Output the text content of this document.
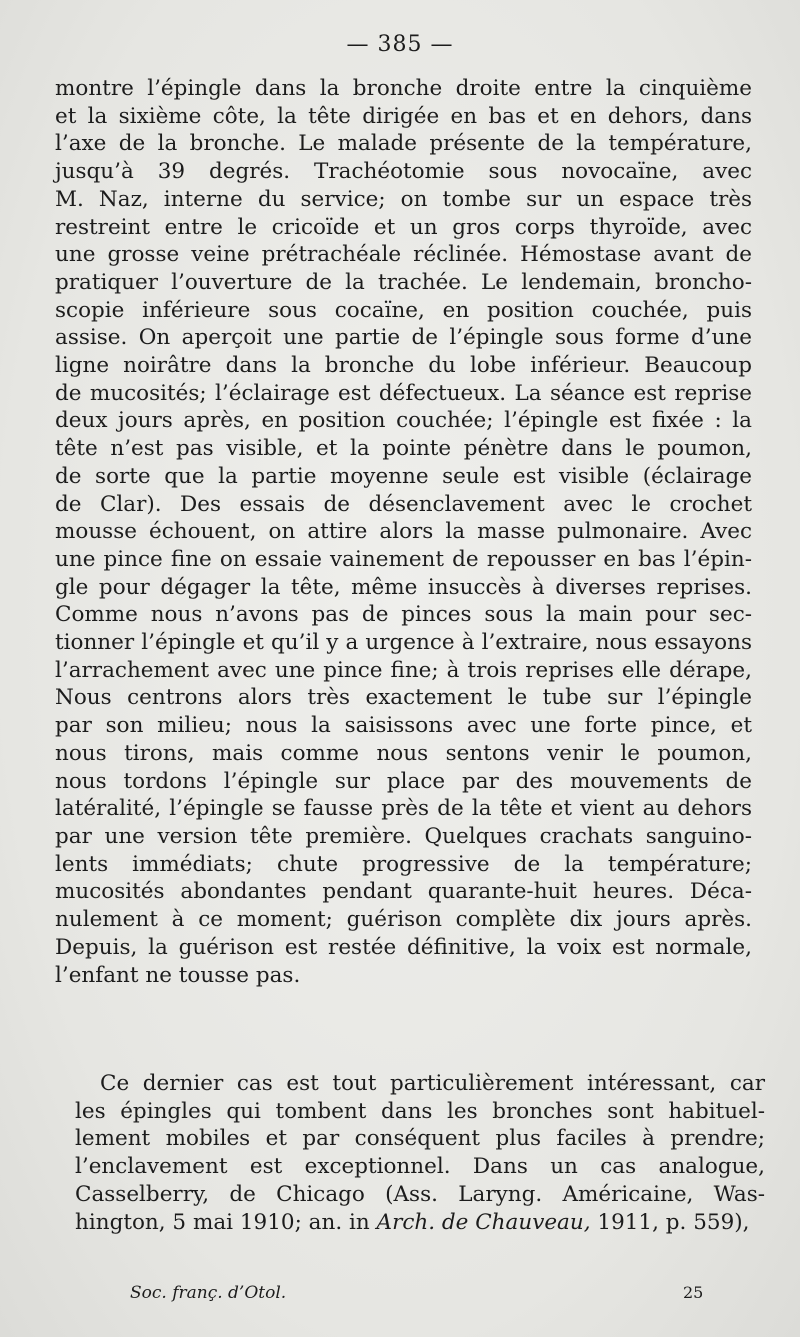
— 385 —
montre l’épingle dans la bronche droite entre la cinquième
et la sixième côte, la tête dirigée en bas et en dehors, dans
l’axe de la bronche. Le malade présente de la température,
jusqu’à 39 degrés. Trachéotomie sous novocaïne, avec
M. Naz, interne du service; on tombe sur un espace très
restreint entre le cricoïde et un gros corps thyroïde, avec
une grosse veine prétrachéale réclinée. Hémostase avant de
pratiquer l’ouverture de la trachée. Le lendemain, broncho-
scopie inférieure sous cocaïne, en position couchée, puis
assise. On aperçoit une partie de l’épingle sous forme d’une
ligne noirâtre dans la bronche du lobe inférieur. Beaucoup
de mucosités; l’éclairage est défectueux. La séance est reprise
deux jours après, en position couchée; l’épingle est fixée : la
tête n’est pas visible, et la pointe pénètre dans le poumon,
de sorte que la partie moyenne seule est visible (éclairage
de Clar). Des essais de désenclavement avec le crochet
mousse échouent, on attire alors la masse pulmonaire. Avec
une pince fine on essaie vainement de repousser en bas l’épin-
gle pour dégager la tête, même insuccès à diverses reprises.
Comme nous n’avons pas de pinces sous la main pour sec-
tionner l’épingle et qu’il y a urgence à l’extraire, nous essayons
l’arrachement avec une pince fine; à trois reprises elle dérape,
Nous centrons alors très exactement le tube sur l’épingle
par son milieu; nous la saisissons avec une forte pince, et
nous tirons, mais comme nous sentons venir le poumon,
nous tordons l’épingle sur place par des mouvements de
latéralité, l’épingle se fausse près de la tête et vient au dehors
par une version tête première. Quelques crachats sanguino-
lents immédiats; chute progressive de la température;
mucosités abondantes pendant quarante-huit heures. Déca-
nulement à ce moment; guérison complète dix jours après.
Depuis, la guérison est restée définitive, la voix est normale,
l’enfant ne tousse pas.
Ce dernier cas est tout particulièrement intéressant, car
les épingles qui tombent dans les bronches sont habituel-
lement mobiles et par conséquent plus faciles à prendre;
l’enclavement est exceptionnel. Dans un cas analogue,
Casselberry, de Chicago (Ass. Laryng. Américaine, Was-
hington, 5 mai 1910; an. in Arch. de Chauveau, 1911, p. 559),
Soc. franç. d’Otol.	25
